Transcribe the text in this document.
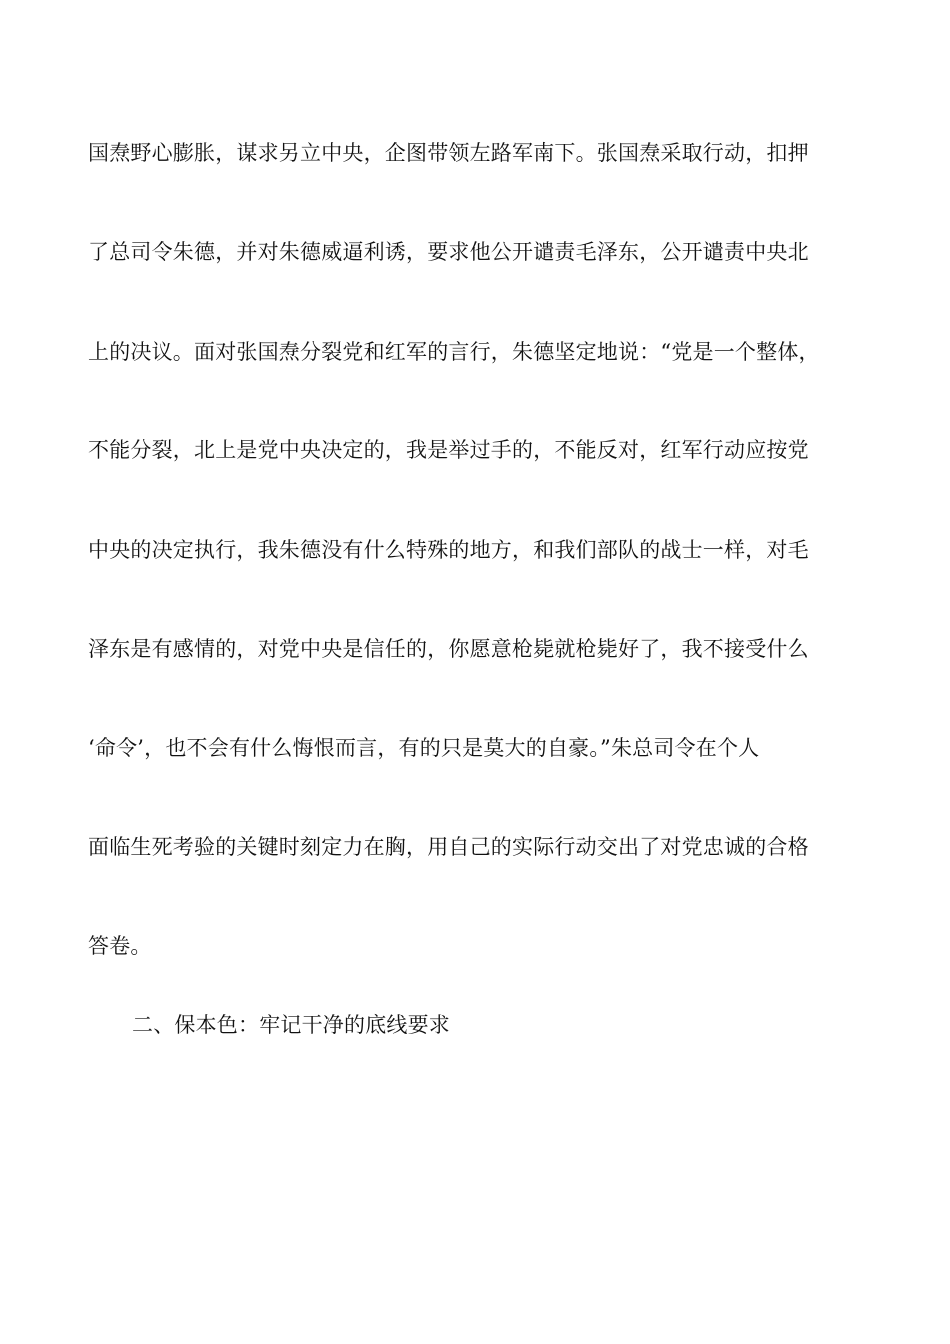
国焘野心膨胀，谋求另立中央，企图带领左路军南下。张国焘采取行动，扣押
了总司令朱德，并对朱德威逼利诱，要求他公开谴责毛泽东，公开谴责中央北
上的决议。面对张国焘分裂党和红军的言行，朱德坚定地说：“党是一个整体，
不能分裂，北上是党中央决定的，我是举过手的，不能反对，红军行动应按党
中央的决定执行，我朱德没有什么特殊的地方，和我们部队的战士一样，对毛
泽东是有感情的，对党中央是信任的，你愿意枪毙就枪毙好了，我不接受什么
‘命令’，也不会有什么悔恨而言，有的只是莫大的自豪。”朱总司令在个人
面临生死考验的关键时刻定力在胸，用自己的实际行动交出了对党忠诚的合格
答卷。
二、保本色：牢记干净的底线要求
